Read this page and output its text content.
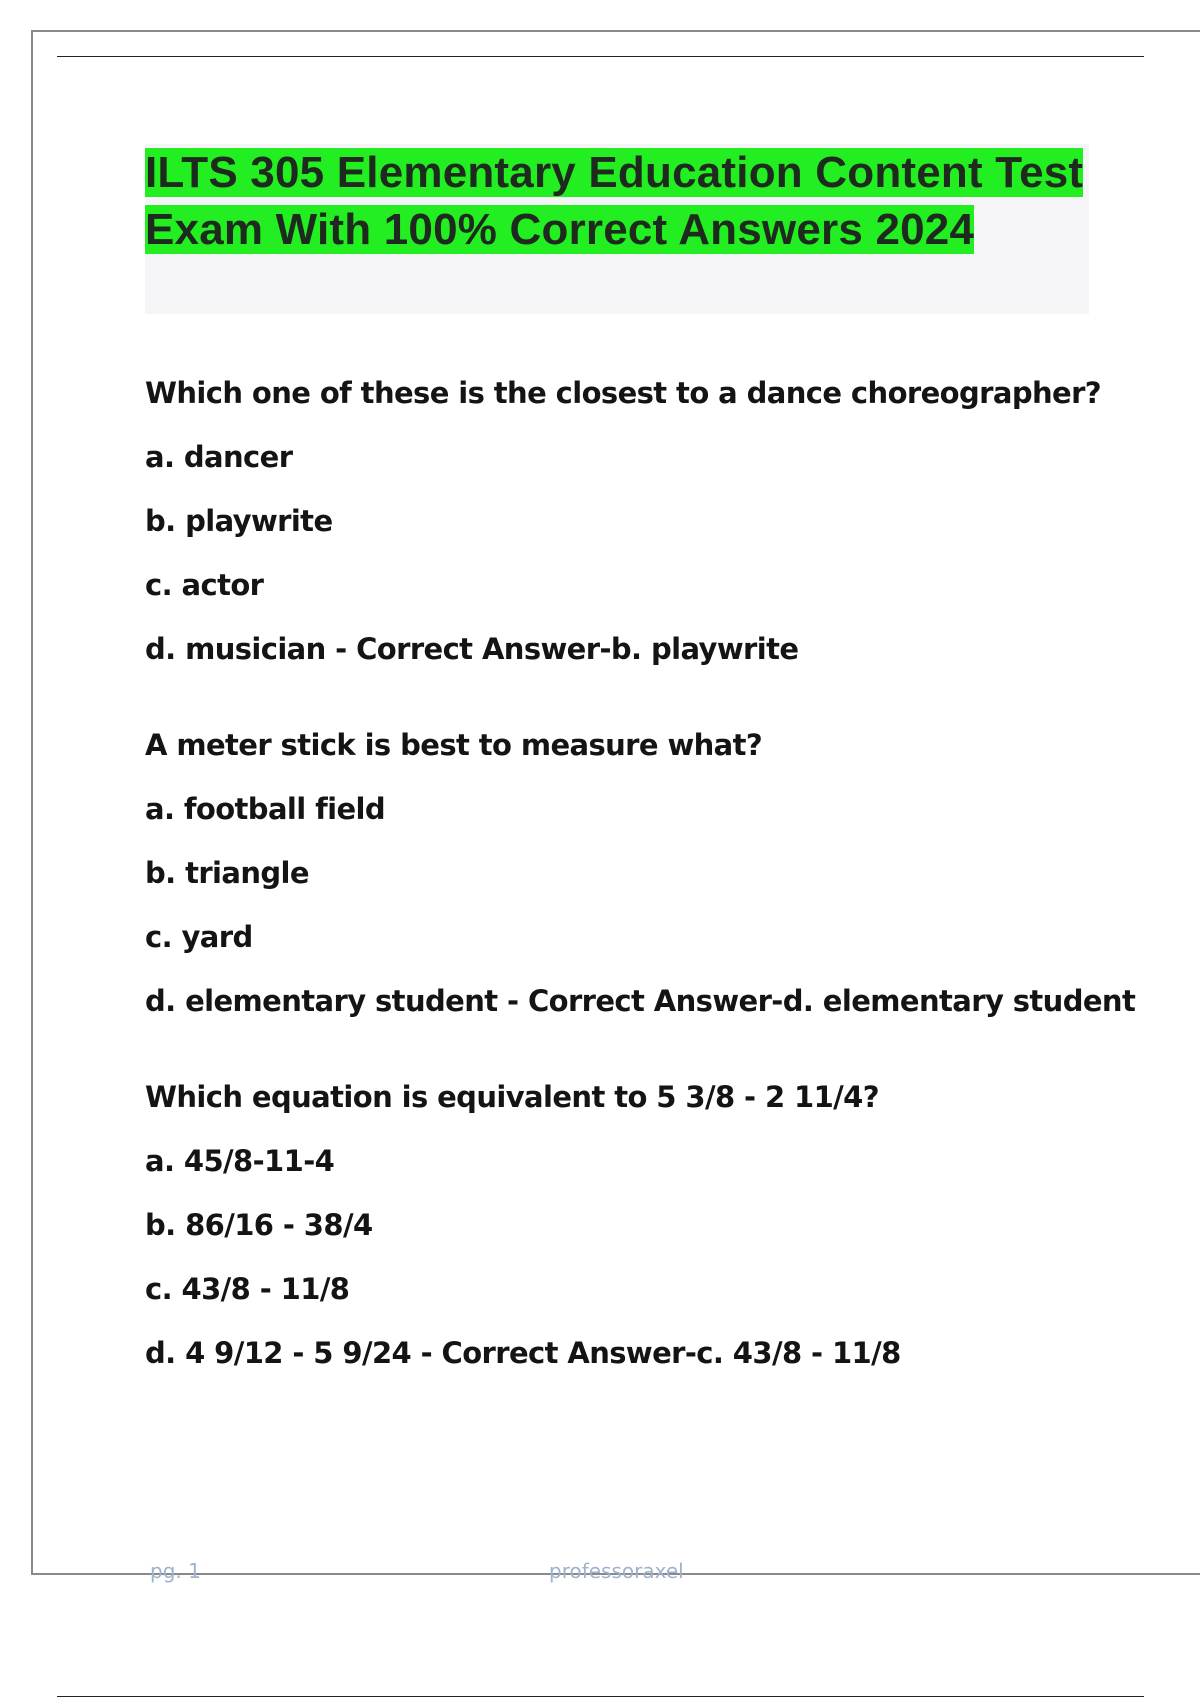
ILTS 305 Elementary Education Content Test Exam With 100% Correct Answers 2024
Which one of these is the closest to a dance choreographer?
a. dancer
b. playwrite
c. actor
d. musician - Correct Answer-b. playwrite
A meter stick is best to measure what?
a. football field
b. triangle
c. yard
d. elementary student - Correct Answer-d. elementary student
Which equation is equivalent to 5 3/8 - 2 11/4?
a. 45/8-11-4
b. 86/16 - 38/4
c. 43/8 - 11/8
d. 4 9/12 - 5 9/24 - Correct Answer-c. 43/8 - 11/8
pg. 1	professoraxel
